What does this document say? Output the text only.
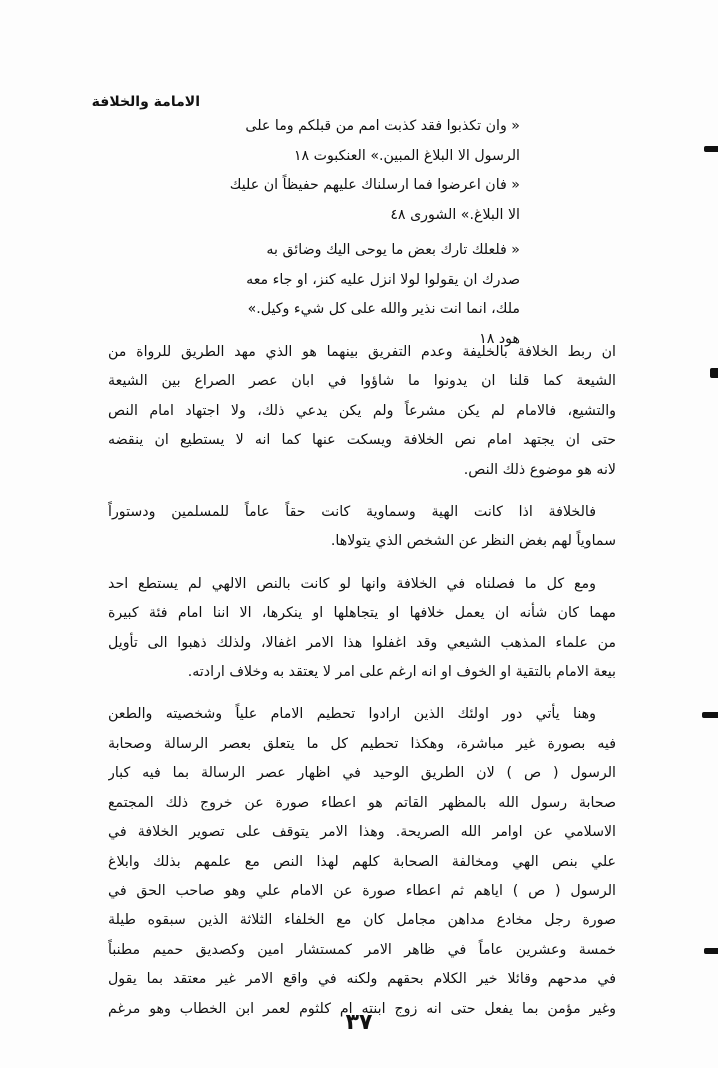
الامامة والخلافة
« وان تكذبوا فقد كذبت امم من قبلكم وما على
الرسول الا البلاغ المبين.» العنكبوت ١٨
« فان اعرضوا فما ارسلناك عليهم حفيظاً ان عليك
الا البلاغ.» الشورى ٤٨
« فلعلك تارك بعض ما يوحى اليك وضائق به
صدرك ان يقولوا لولا انزل عليه كنز، او جاء معه
ملك، انما انت نذير والله على كل شيء وكيل.»
هود ١٨

ان ربط الخلافة بالخليفة وعدم التفريق بينهما هو الذي مهد الطريق للرواة من
الشيعة كما قلنا ان يدونوا ما شاؤوا في ابان عصر الصراع بين الشيعة
والتشيع، فالامام لم يكن مشرعاً ولم يكن يدعي ذلك، ولا اجتهاد امام النص
حتى ان يجتهد امام نص الخلافة ويسكت عنها كما انه لا يستطيع ان ينقضه
لانه هو موضوع ذلك النص.

فالخلافة اذا كانت الهية وسماوية كانت حقاً عاماً للمسلمين ودستوراً
سماوياً لهم بغض النظر عن الشخص الذي يتولاها.

ومع كل ما فصلناه في الخلافة وانها لو كانت بالنص الالهي لم يستطع احد
مهما كان شأنه ان يعمل خلافها او يتجاهلها او ينكرها، الا اننا امام فئة كبيرة
من علماء المذهب الشيعي وقد اغفلوا هذا الامر اغفالا، ولذلك ذهبوا الى تأويل
بيعة الامام بالتقية او الخوف او انه ارغم على امر لا يعتقد به وخلاف ارادته.

وهنا يأتي دور اولئك الذين ارادوا تحطيم الامام علياً وشخصيته والطعن
فيه بصورة غير مباشرة، وهكذا تحطيم كل ما يتعلق بعصر الرسالة وصحابة
الرسول ( ص ) لان الطريق الوحيد في اظهار عصر الرسالة بما فيه كبار
صحابة رسول الله بالمظهر القاتم هو اعطاء صورة عن خروج ذلك المجتمع
الاسلامي عن اوامر الله الصريحة. وهذا الامر يتوقف على تصوير الخلافة في
علي بنص الهي ومخالفة الصحابة كلهم لهذا النص مع علمهم بذلك وابلاغ
الرسول ( ص ) اياهم ثم اعطاء صورة عن الامام علي وهو صاحب الحق في
صورة رجل مخادع مداهن مجامل كان مع الخلفاء الثلاثة الذين سبقوه طيلة
خمسة وعشرين عاماً في ظاهر الامر كمستشار امين وكصديق حميم مطنباً
في مدحهم وقائلا خير الكلام بحقهم ولكنه في واقع الامر غير معتقد بما يقول
وغير مؤمن بما يفعل حتى انه زوج ابنته ام كلثوم لعمر ابن الخطاب وهو مرغم

٣٧
